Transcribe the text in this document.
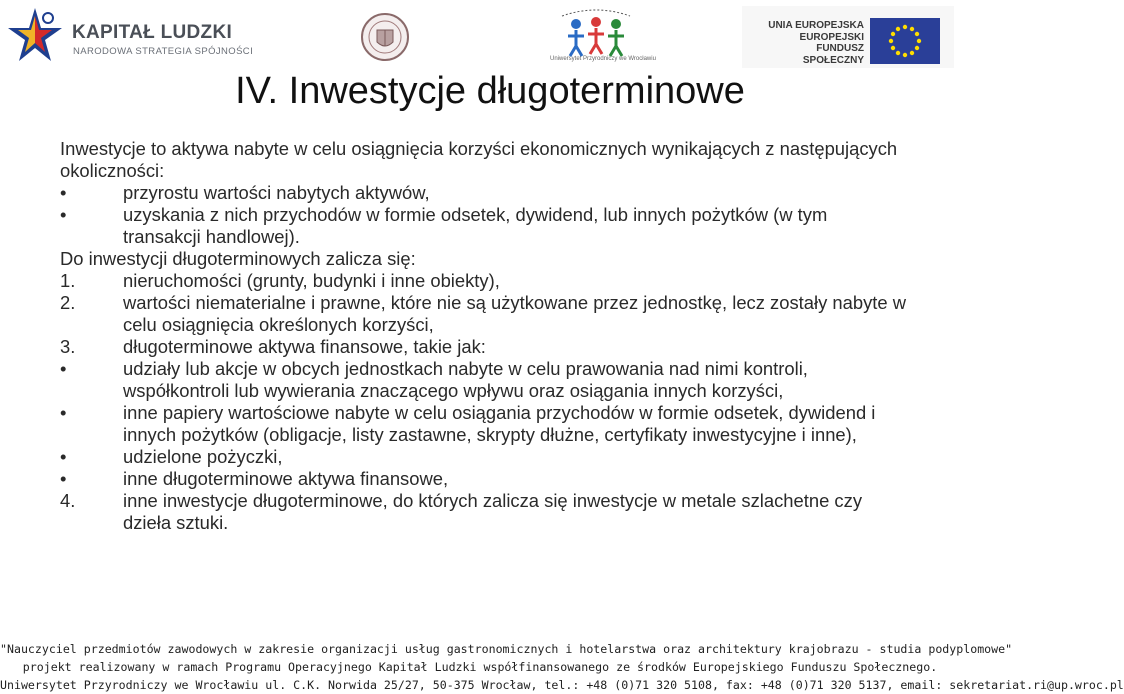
KAPITAŁ LUDZKI
NARODOWA STRATEGIA SPÓJNOŚCI
Uniwersytet Przyrodniczy we Wrocławiu
UNIA EUROPEJSKA
EUROPEJSKI
FUNDUSZ SPOŁECZNY
IV. Inwestycje długoterminowe

Inwestycje to aktywa nabyte w celu osiągnięcia korzyści ekonomicznych wynikających z następujących okoliczności:

•	przyrostu wartości nabytych aktywów,
•	uzyskania z nich przychodów w formie odsetek, dywidend, lub innych pożytków (w tym transakcji handlowej).

Do inwestycji długoterminowych zalicza się:

1.	nieruchomości (grunty, budynki i inne obiekty),
2.	wartości niematerialne i prawne, które nie są użytkowane przez jednostkę, lecz zostały nabyte w celu osiągnięcia określonych korzyści,
3.	długoterminowe aktywa finansowe, takie jak:
•	udziały lub akcje w obcych jednostkach nabyte w celu prawowania nad nimi kontroli, współkontroli lub wywierania znaczącego wpływu oraz osiągania innych korzyści,
•	inne papiery wartościowe nabyte w celu osiągania przychodów w formie odsetek, dywidend i innych pożytków (obligacje, listy zastawne, skrypty dłużne, certyfikaty inwestycyjne i inne),
•	udzielone pożyczki,
•	inne długoterminowe aktywa finansowe,
4.	inne inwestycje długoterminowe, do których zalicza się inwestycje w metale szlachetne czy dzieła sztuki.
"Nauczyciel przedmiotów zawodowych w zakresie organizacji usług gastronomicznych i hotelarstwa oraz architektury krajobrazu - studia podyplomowe"
projekt realizowany w ramach Programu Operacyjnego Kapitał Ludzki współfinansowanego ze środków Europejskiego Funduszu Społecznego.
Uniwersytet Przyrodniczy we Wrocławiu ul. C.K. Norwida 25/27, 50-375 Wrocław, tel.: +48 (0)71 320 5108, fax: +48 (0)71 320 5137, email: sekretariat.ri@up.wroc.pl
